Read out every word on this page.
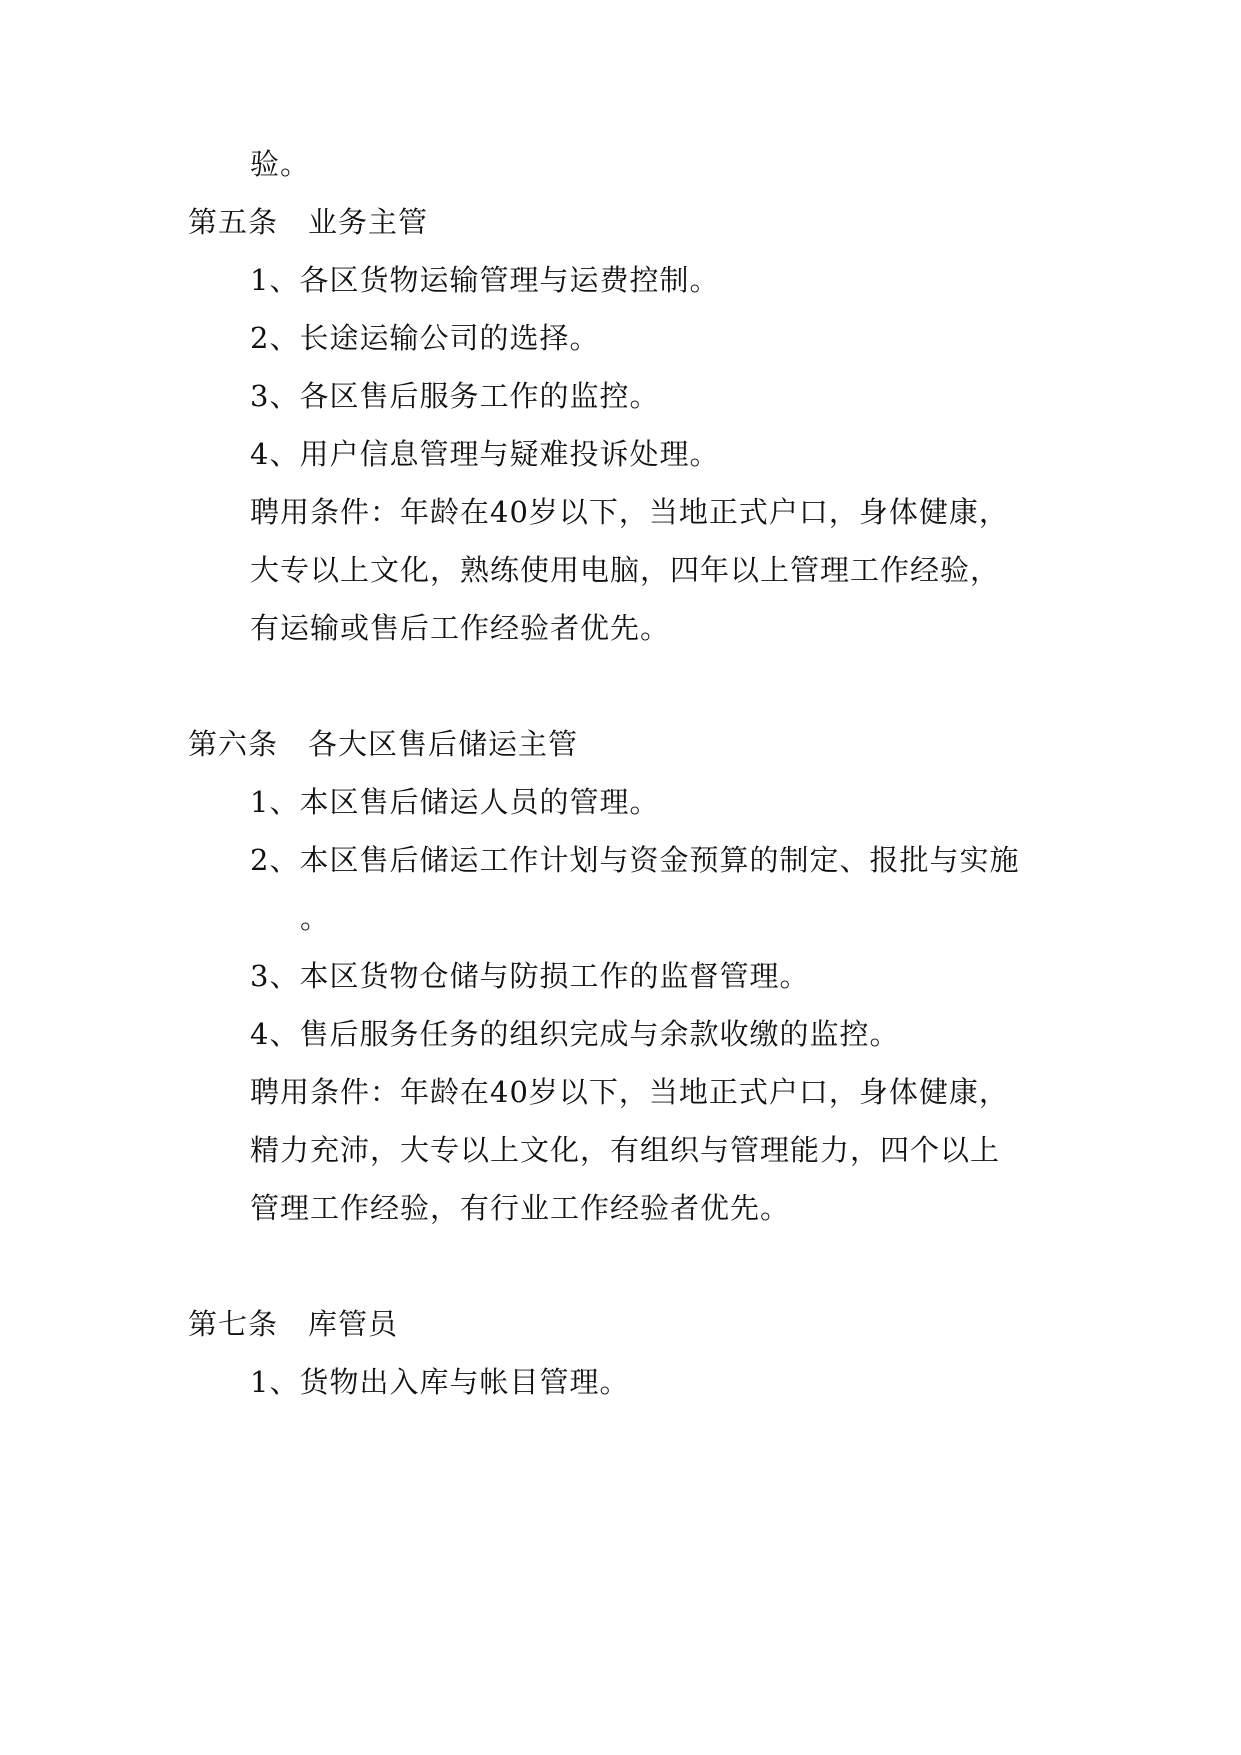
验。
第五条 业务主管
1、各区货物运输管理与运费控制。
2、长途运输公司的选择。
3、各区售后服务工作的监控。
4、用户信息管理与疑难投诉处理。
聘用条件：年龄在40岁以下，当地正式户口，身体健康，
大专以上文化，熟练使用电脑，四年以上管理工作经验，
有运输或售后工作经验者优先。
第六条 各大区售后储运主管
1、本区售后储运人员的管理。
2、本区售后储运工作计划与资金预算的制定、报批与实施
。
3、本区货物仓储与防损工作的监督管理。
4、售后服务任务的组织完成与余款收缴的监控。
聘用条件：年龄在40岁以下，当地正式户口，身体健康，
精力充沛，大专以上文化，有组织与管理能力，四个以上
管理工作经验，有行业工作经验者优先。
第七条 库管员
1、货物出入库与帐目管理。
